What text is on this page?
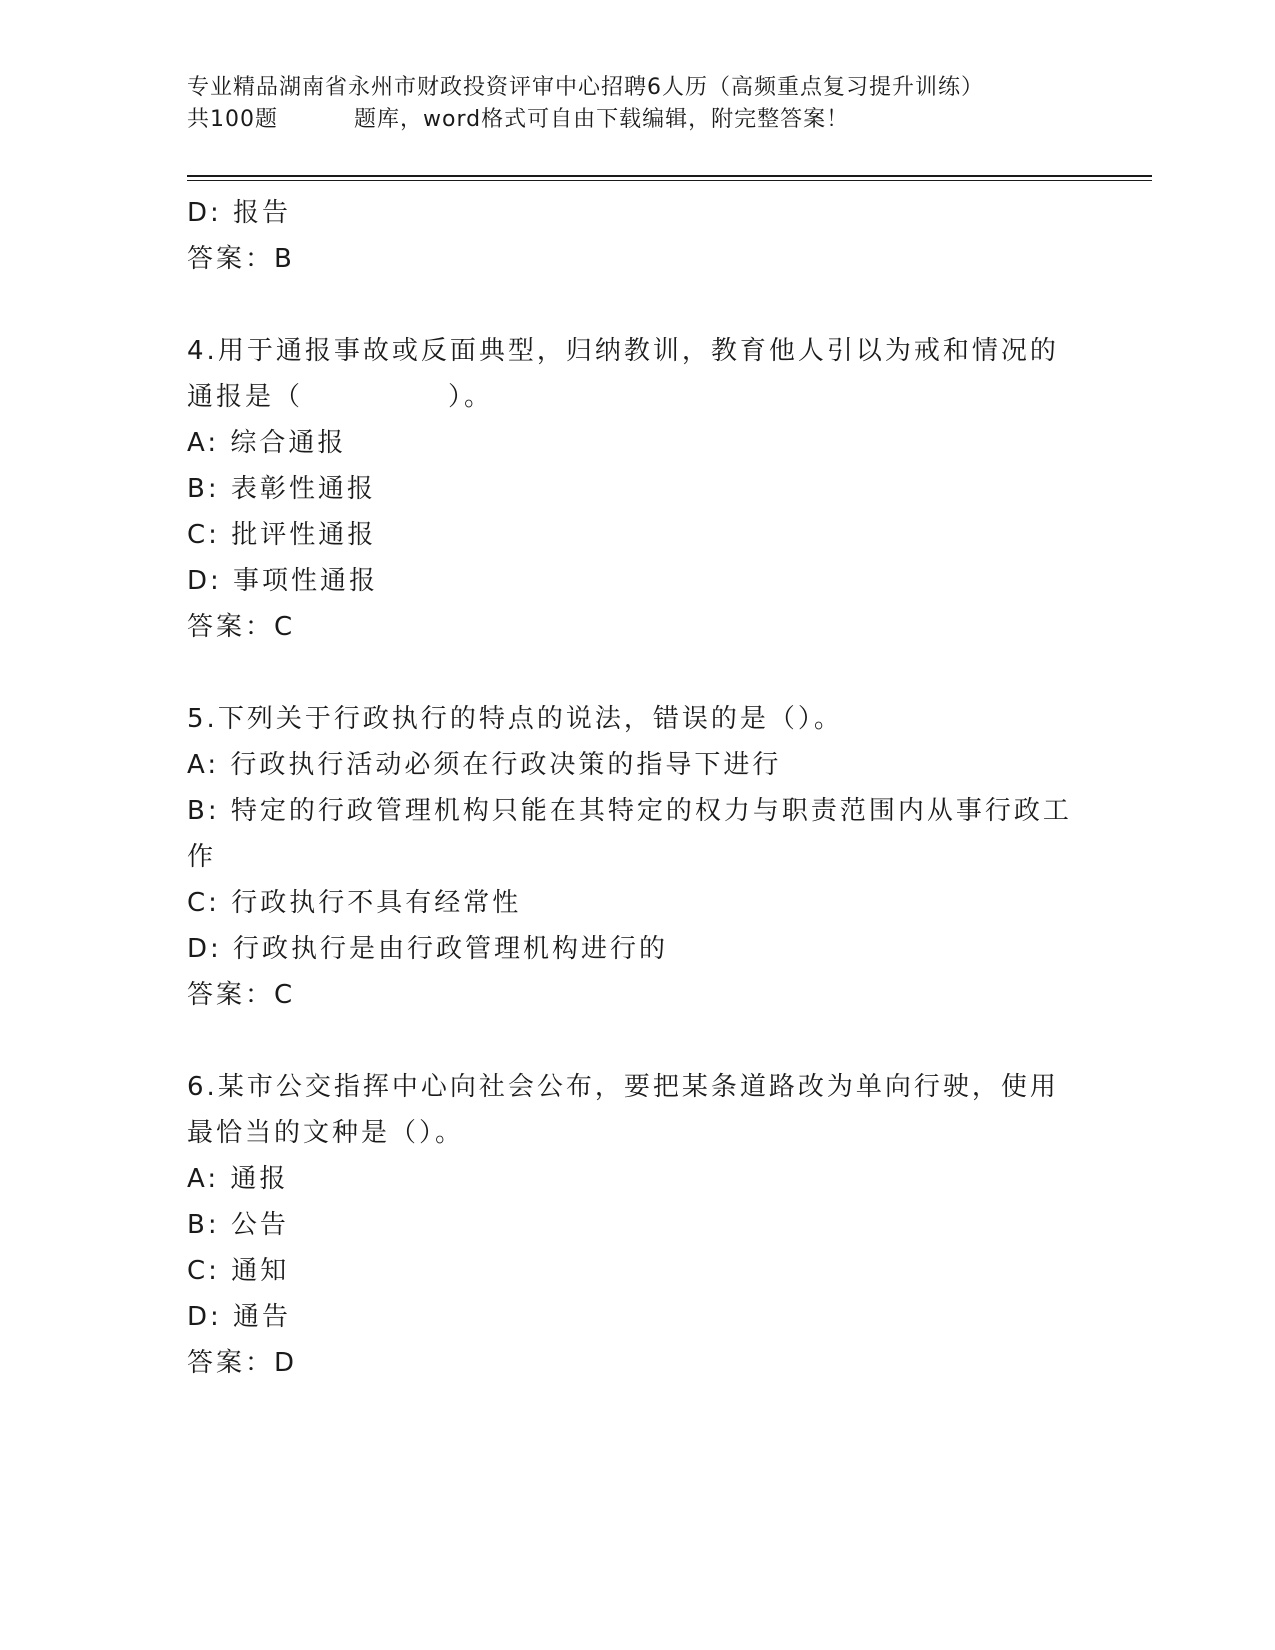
专业精品湖南省永州市财政投资评审中心招聘6人历（高频重点复习提升训练）
共100题	题库，word格式可自由下载编辑，附完整答案！
D: 报告
答案：B
4.用于通报事故或反面典型，归纳教训，教育他人引以为戒和情况的
通报是（　　　　　）。
A: 综合通报
B: 表彰性通报
C: 批评性通报
D: 事项性通报
答案：C
5.下列关于行政执行的特点的说法，错误的是（）。
A: 行政执行活动必须在行政决策的指导下进行
B: 特定的行政管理机构只能在其特定的权力与职责范围内从事行政工
作
C: 行政执行不具有经常性
D: 行政执行是由行政管理机构进行的
答案：C
6.某市公交指挥中心向社会公布，要把某条道路改为单向行驶，使用
最恰当的文种是（）。
A: 通报
B: 公告
C: 通知
D: 通告
答案：D
